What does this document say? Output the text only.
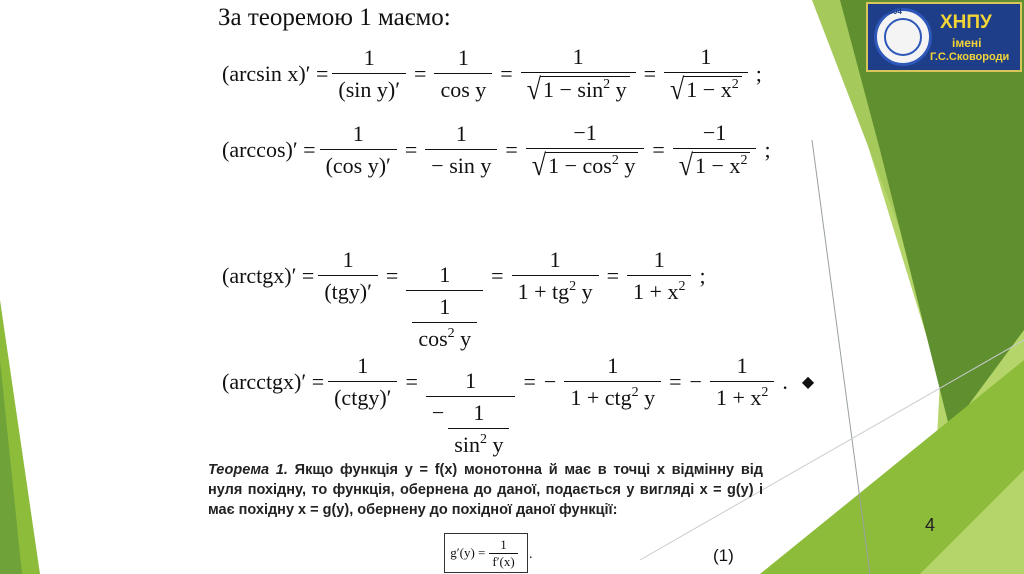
1804
ХНПУ
імені
Г.С.Сковороди
За теоремою 1 маємо:
(arcsin $x)' = \frac{1}{\text{(sin y)′}} = \frac{1}{\text{cos y}} = \frac{1}{√ 1 - \sin^2 y} = \frac{1}{√ 1 - x^2}$ ;
$(\arccos)' = \frac{1}{\text{(cos y)′}} = \frac{1}{\text{− sin y}} = \frac{-1}{√ 1 - \cos^2 y} = \frac{-1}{√ 1 - x^2}$ ;
(arctgx)′ = $\frac{1}{\text{(tgy)′}} = \frac{1}{\frac{1}{\cos^2 y}} = \frac{1}{1 + tg^2 y} = \frac{1}{1 + x^2}$ ;
(arcctgx)′ = $\frac{1}{\text{(ctgy)′}} = \frac{1}{- \frac{1}{\sin^2 y}}$ = − $\frac{1}{1 + ctg^2 y}$ = − $\frac{1}{1 + x^2}$ . ◆
Теорема 1. Якщо функція y = f(x) монотонна й має в точці x відмінну від нуля похідну, то функція, обернена до даної, подається у вигляді x = g(y) і має похідну x = g(y), обернену до похідної даної функції:
$g'(y) = \frac{1}{f'(x)}$ .	(1)
4
